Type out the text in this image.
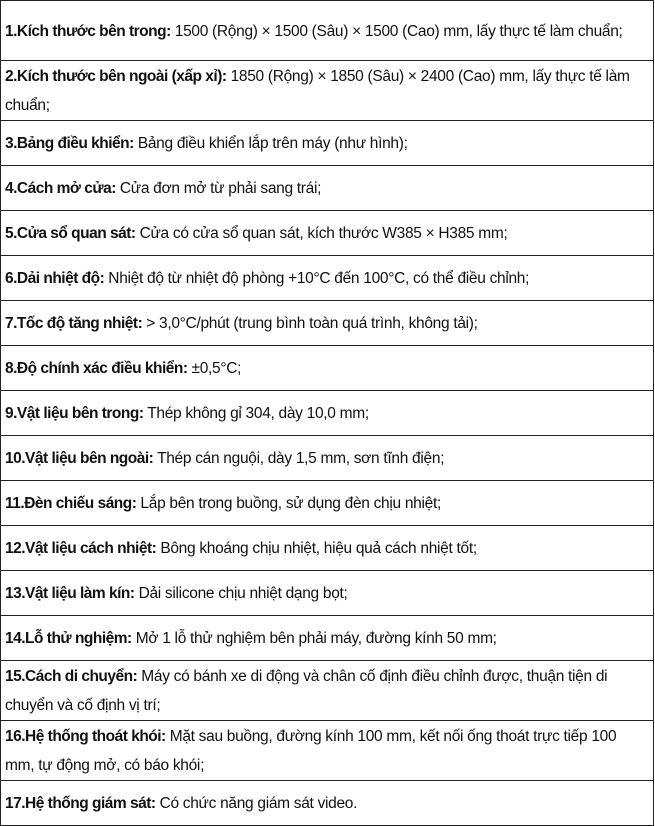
1.Kích thước bên trong: 1500 (Rộng) × 1500 (Sâu) × 1500 (Cao) mm, lấy thực tế làm chuẩn;
2.Kích thước bên ngoài (xấp xỉ): 1850 (Rộng) × 1850 (Sâu) × 2400 (Cao) mm, lấy thực tế làm chuẩn;
3.Bảng điều khiển: Bảng điều khiển lắp trên máy (như hình);
4.Cách mở cửa: Cửa đơn mở từ phải sang trái;
5.Cửa sổ quan sát: Cửa có cửa sổ quan sát, kích thước W385 × H385 mm;
6.Dải nhiệt độ: Nhiệt độ từ nhiệt độ phòng +10°C đến 100°C, có thể điều chỉnh;
7.Tốc độ tăng nhiệt: > 3,0°C/phút (trung bình toàn quá trình, không tải);
8.Độ chính xác điều khiển: ±0,5°C;
9.Vật liệu bên trong: Thép không gỉ 304, dày 10,0 mm;
10.Vật liệu bên ngoài: Thép cán nguội, dày 1,5 mm, sơn tĩnh điện;
11.Đèn chiếu sáng: Lắp bên trong buồng, sử dụng đèn chịu nhiệt;
12.Vật liệu cách nhiệt: Bông khoáng chịu nhiệt, hiệu quả cách nhiệt tốt;
13.Vật liệu làm kín: Dải silicone chịu nhiệt dạng bọt;
14.Lỗ thử nghiệm: Mở 1 lỗ thử nghiệm bên phải máy, đường kính 50 mm;
15.Cách di chuyển: Máy có bánh xe di động và chân cố định điều chỉnh được, thuận tiện di chuyển và cố định vị trí;
16.Hệ thống thoát khói: Mặt sau buồng, đường kính 100 mm, kết nối ống thoát trực tiếp 100 mm, tự động mở, có báo khói;
17.Hệ thống giám sát: Có chức năng giám sát video.
